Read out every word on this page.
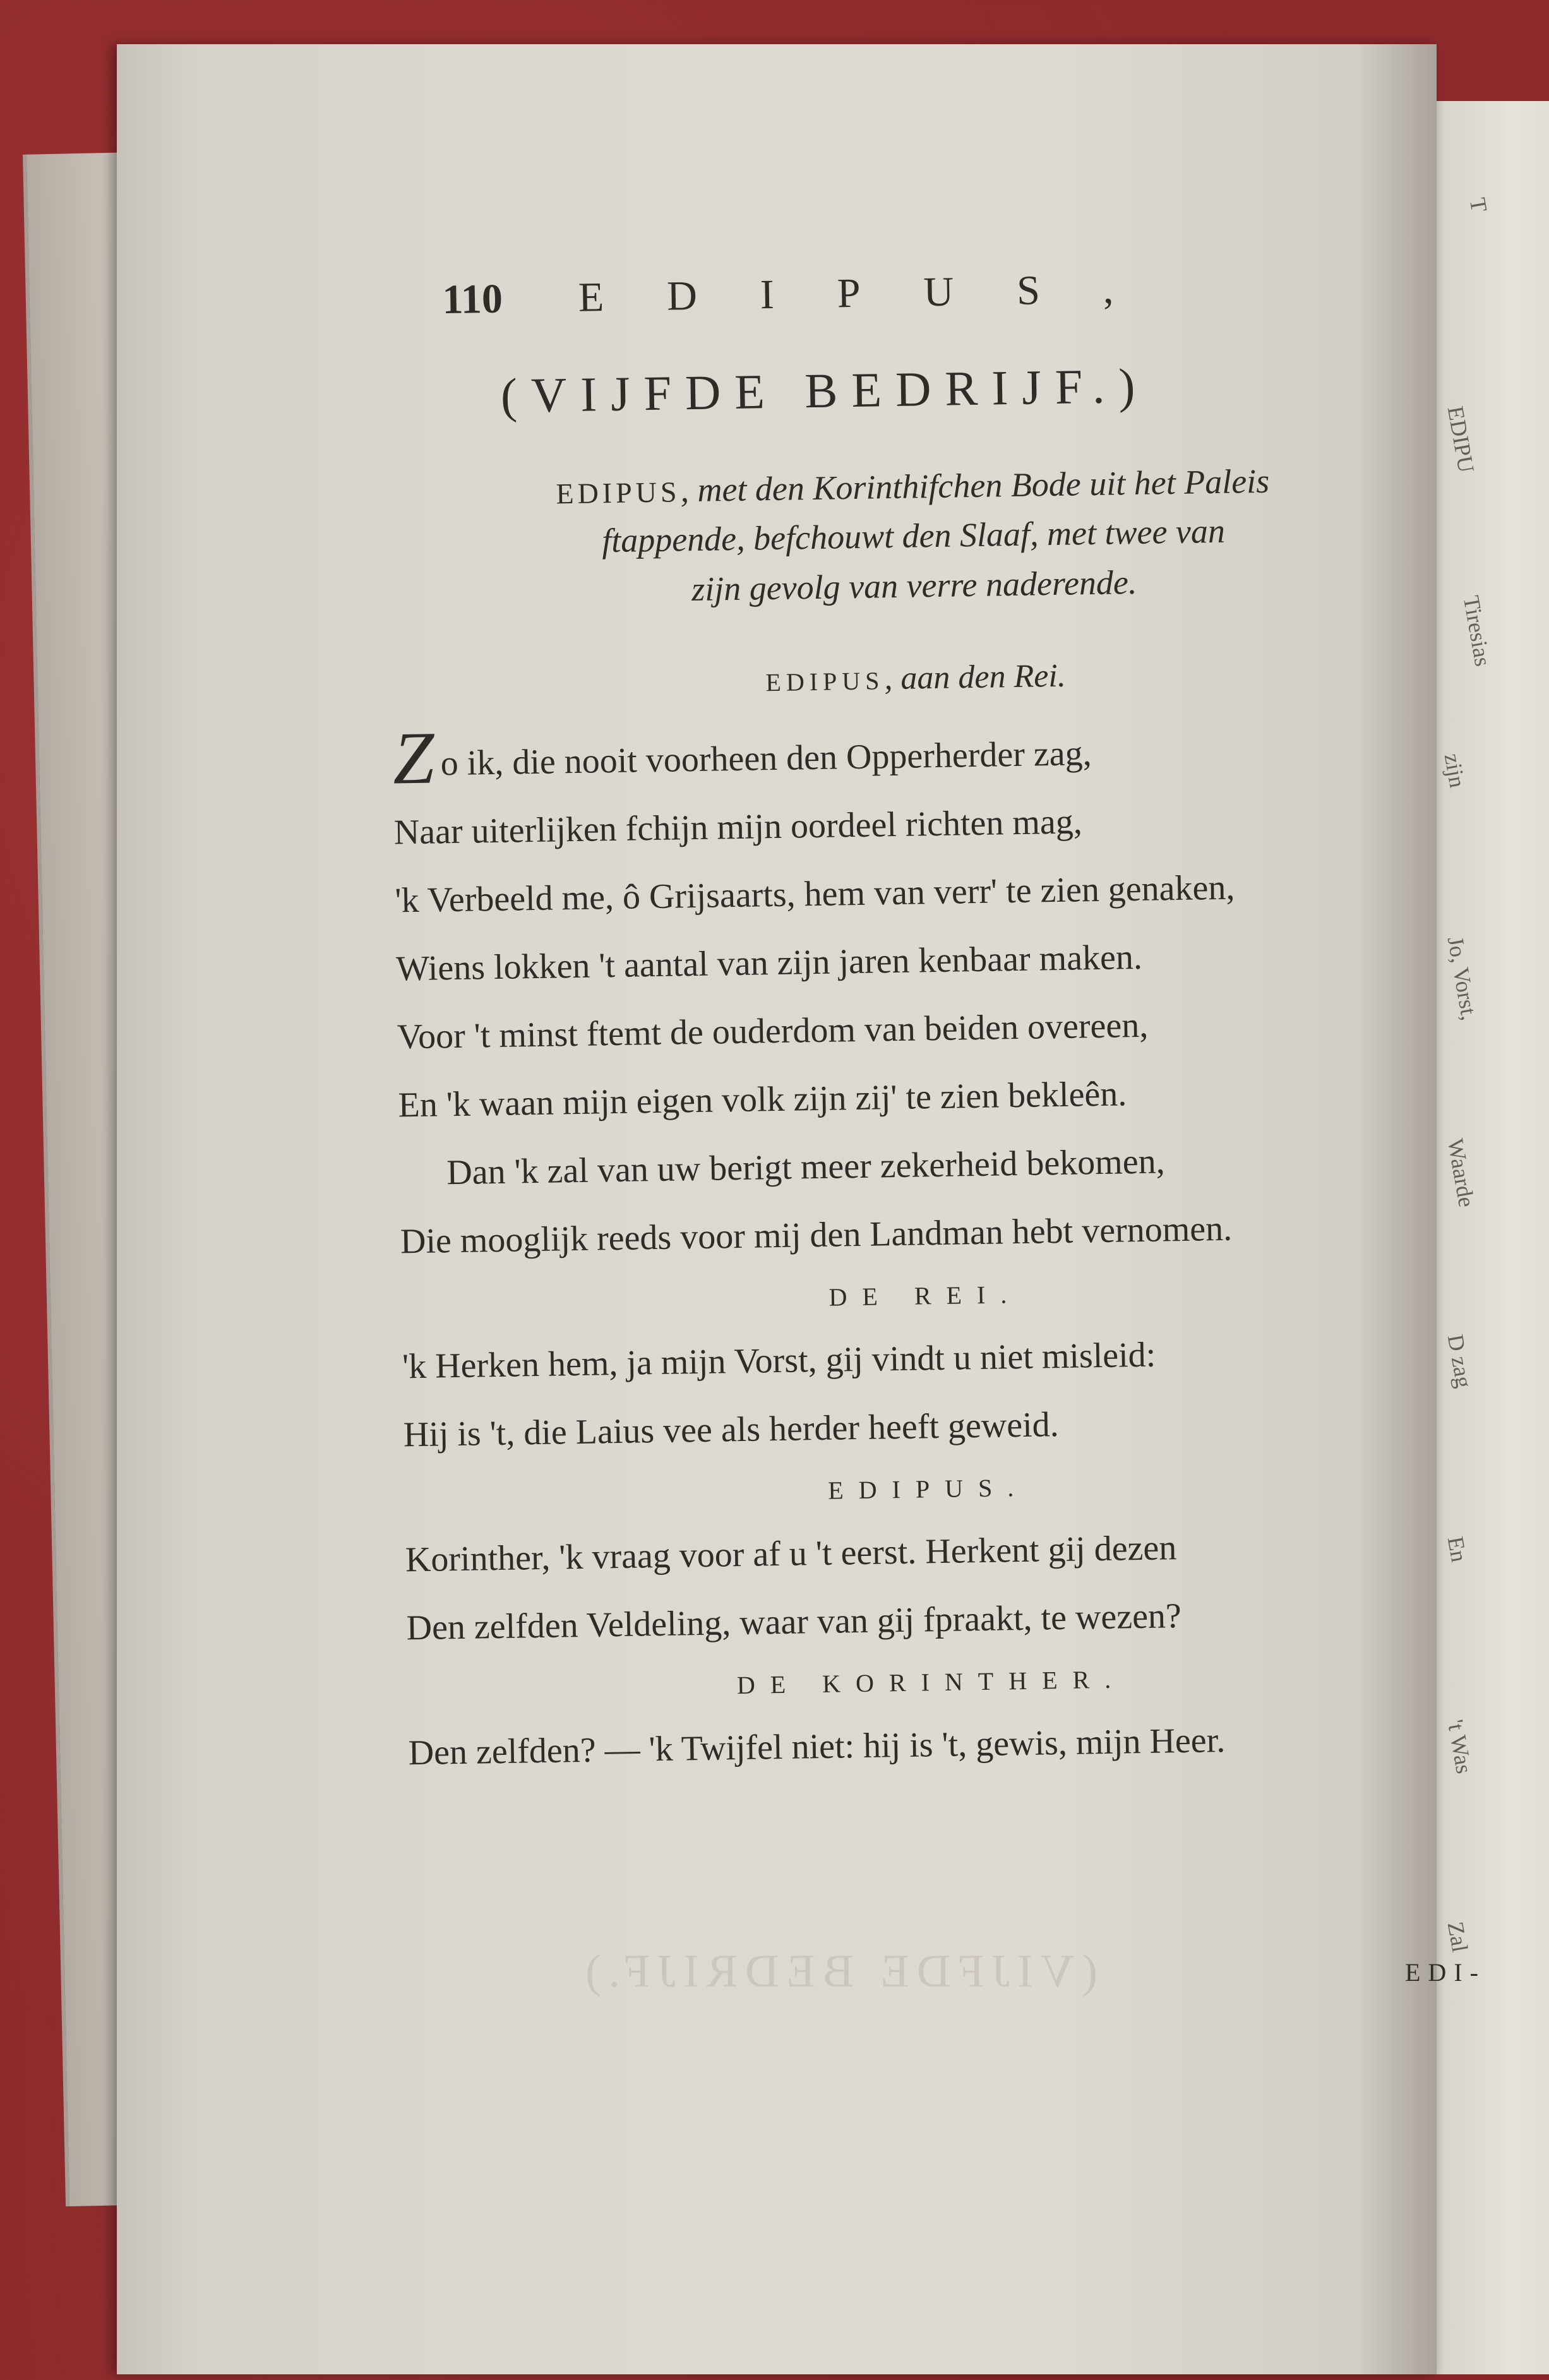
T
EDIPU
Tiresias
zijn
Jo, Vorst,
Waarde
D zag
En
't Was
Zal
(VIJFDE BEDRIJF.)	EDI-
110 EDIPUS,
(VIJFDE BEDRIJF.)
EDIPUS, met den Korinthifchen Bode uit het Paleis
ftappende, befchouwt den Slaaf, met twee van
zijn gevolg van verre naderende.
EDIPUS, aan den Rei.
Zo ik, die nooit voorheen den Opperherder zag,
Naar uiterlijken fchijn mijn oordeel richten mag,
'k Verbeeld me, ô Grijsaarts, hem van verr' te zien genaken,
Wiens lokken 't aantal van zijn jaren kenbaar maken.
Voor 't minst ftemt de ouderdom van beiden overeen,
En 'k waan mijn eigen volk zijn zij' te zien bekleên.
Dan 'k zal van uw berigt meer zekerheid bekomen,
Die mooglijk reeds voor mij den Landman hebt vernomen.
DE REI.
'k Herken hem, ja mijn Vorst, gij vindt u niet misleid:
Hij is 't, die Laius vee als herder heeft geweid.
EDIPUS.
Korinther, 'k vraag voor af u 't eerst. Herkent gij dezen
Den zelfden Veldeling, waar van gij fpraakt, te wezen?
DE KORINTHER.
Den zelfden? — 'k Twijfel niet: hij is 't, gewis, mijn Heer.
